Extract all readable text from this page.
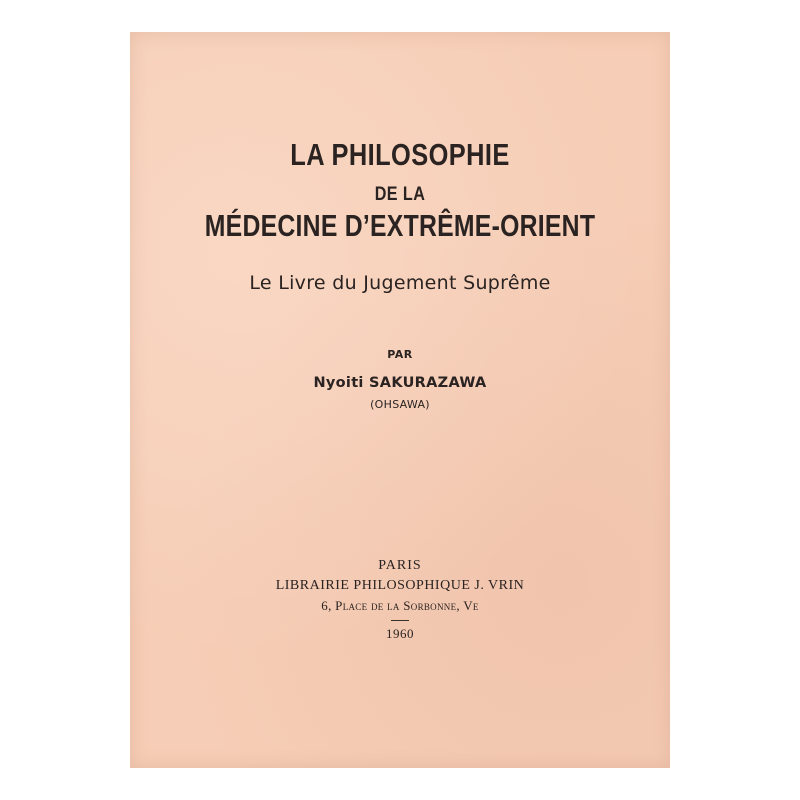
LA PHILOSOPHIE
DE LA
MÉDECINE D’EXTRÊME-ORIENT
Le Livre du Jugement Suprême
PAR
Nyoiti SAKURAZAWA
(OHSAWA)
PARIS
LIBRAIRIE PHILOSOPHIQUE J. VRIN
6, Place de la Sorbonne, Ve
1960
